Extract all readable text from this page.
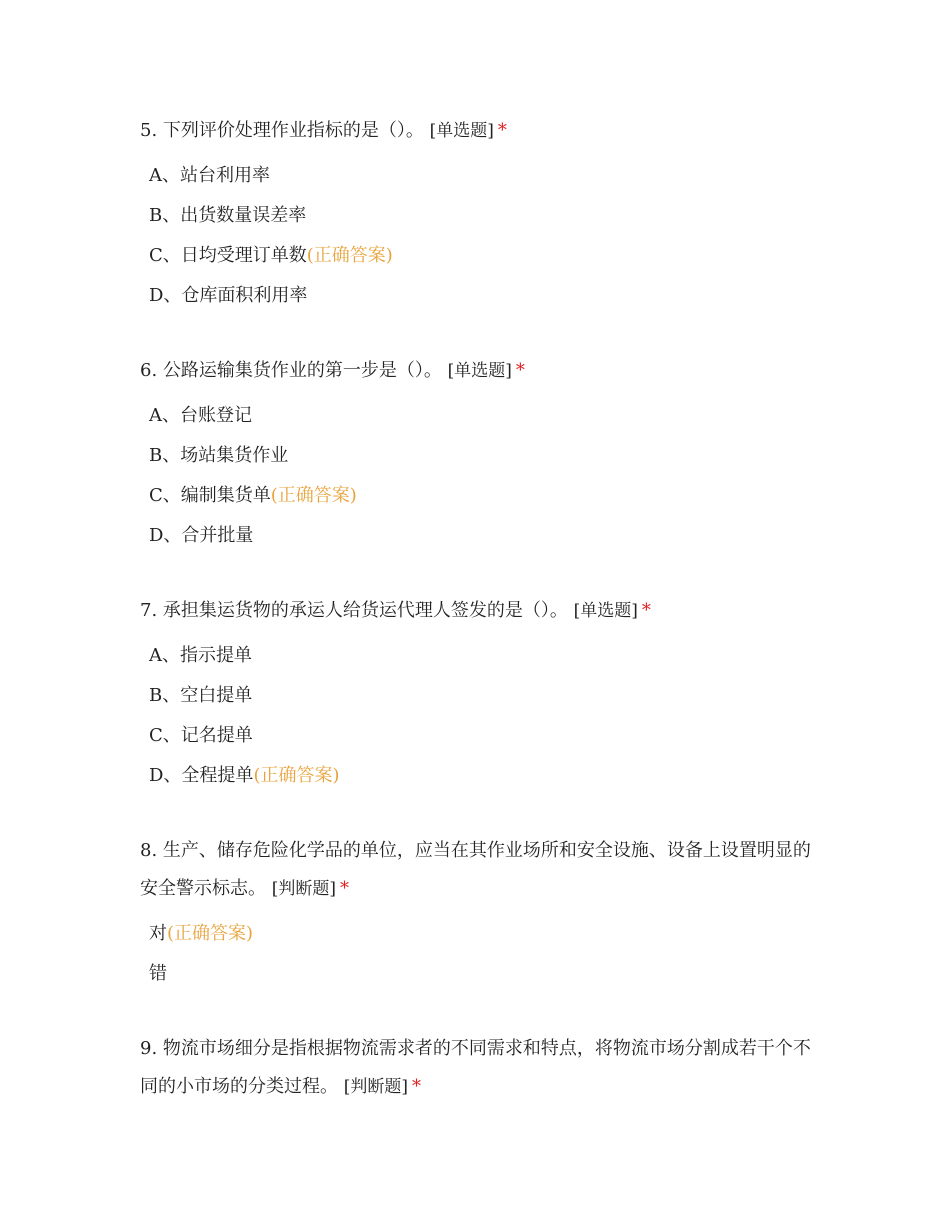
5. 下列评价处理作业指标的是（）。 [单选题] *

A、站台利用率
B、出货数量误差率
C、日均受理订单数(正确答案)
D、仓库面积利用率

6. 公路运输集货作业的第一步是（）。 [单选题] *

A、台账登记
B、场站集货作业
C、编制集货单(正确答案)
D、合并批量

7. 承担集运货物的承运人给货运代理人签发的是（）。 [单选题] *

A、指示提单
B、空白提单
C、记名提单
D、全程提单(正确答案)

8. 生产、储存危险化学品的单位，应当在其作业场所和安全设施、设备上设置明显的安全警示标志。 [判断题] *

对(正确答案)
错

9. 物流市场细分是指根据物流需求者的不同需求和特点，将物流市场分割成若干个不同的小市场的分类过程。 [判断题] *
